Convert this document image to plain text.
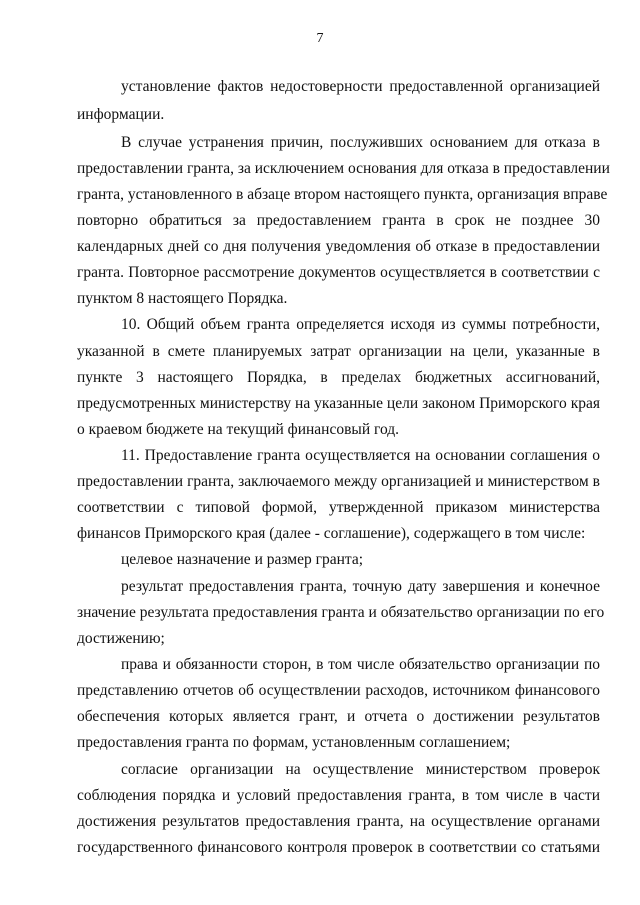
7
установление фактов недостоверности предоставленной организацией
информации.
В случае устранения причин, послуживших основанием для отказа в
предоставлении гранта, за исключением основания для отказа в предоставлении
гранта, установленного в абзаце втором настоящего пункта, организация вправе
повторно обратиться за предоставлением гранта в срок не позднее 30
календарных дней со дня получения уведомления об отказе в предоставлении
гранта. Повторное рассмотрение документов осуществляется в соответствии с
пунктом 8 настоящего Порядка.
10. Общий объем гранта определяется исходя из суммы потребности,
указанной в смете планируемых затрат организации на цели, указанные в
пункте 3 настоящего Порядка, в пределах бюджетных ассигнований,
предусмотренных министерству на указанные цели законом Приморского края
о краевом бюджете на текущий финансовый год.
11. Предоставление гранта осуществляется на основании соглашения о
предоставлении гранта, заключаемого между организацией и министерством в
соответствии с типовой формой, утвержденной приказом министерства
финансов Приморского края (далее - соглашение), содержащего в том числе:
целевое назначение и размер гранта;
результат предоставления гранта, точную дату завершения и конечное
значение результата предоставления гранта и обязательство организации по его
достижению;
права и обязанности сторон, в том числе обязательство организации по
представлению отчетов об осуществлении расходов, источником финансового
обеспечения которых является грант, и отчета о достижении результатов
предоставления гранта по формам, установленным соглашением;
согласие организации на осуществление министерством проверок
соблюдения порядка и условий предоставления гранта, в том числе в части
достижения результатов предоставления гранта, на осуществление органами
государственного финансового контроля проверок в соответствии со статьями
